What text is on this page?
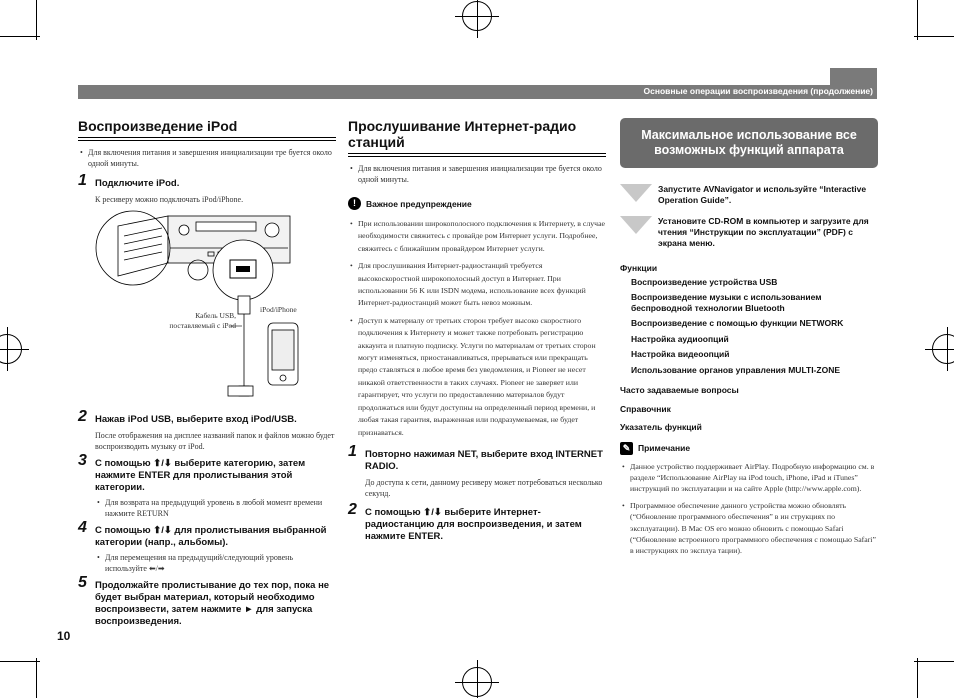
Основные операции воспроизведения (продолжение)
Воспроизведение iPod
• Для включения питания и завершения инициализации тре буется около одной минуты.
1 Подключите iPod.
К ресиверу можно подключать iPod/iPhone.
Кабель USB, поставляемый с iPod
iPod/iPhone
2 Нажав iPod USB, выберите вход iPod/USB.
После отображения на дисплее названий папок и файлов можно будет воспроизводить музыку от iPod.
3 С помощью ⬆/⬇ выберите категорию, затем нажмите ENTER для пролистывания этой категории.
• Для возврата на предыдущий уровень в любой момент времени нажмите RETURN
4 С помощью ⬆/⬇ для пролистывания выбранной категории (напр., альбомы).
• Для перемещения на предыдущий/следующий уровень используйте ⬅/➡
5 Продолжайте пролистывание до тех пор, пока не будет выбран материал, который необходимо воспроизвести, затем нажмите ► для запуска воспроизведения.
10
Прослушивание Интернет-радио станций
• Для включения питания и завершения инициализации тре буется около одной минуты.
!	Важное предупреждение
• При использовании широкополосного подключения к Интернету, в случае необходимости свяжитесь с провайде ром Интернет услуги. Подробнее, свяжитесь с ближайшим провайдером Интернет услуги.
• Для прослушивания Интернет-радиостанций требуется высокоскоростной широкополосный доступ в Интернет. При использовании 56 K или ISDN модема, использование всех функций Интернет-радиостанций может быть невоз можным.
• Доступ к материалу от третьих сторон требует высоко скоростного подключения к Интернету и может также потребовать регистрацию аккаунта и платную подписку. Услуги по материалам от третьих сторон могут изменяться, приостанавливаться, прерываться или прекращать предо ставляться в любое время без уведомления, и Pioneer не несет никакой ответственности в таких случаях. Pioneer не заверяет или гарантирует, что услуги по предоставлению материалов будут продолжаться или будут доступны на определенный период времени, и любая такая гарантия, выраженная или подразумеваемая, не будет признаваться.
1 Повторно нажимая NET, выберите вход INTERNET RADIO.
До доступа к сети, данному ресиверу может потребоваться несколько секунд.
2 С помощью ⬆/⬇ выберите Интернет-радиостанцию для воспроизведения, и затем нажмите ENTER.
Максимальное использование все возможных функций аппарата
Запустите AVNavigator и используйте “Interactive Operation Guide”.
Установите CD-ROM в компьютер и загрузите для чтения “Инструкции по эксплуатации” (PDF) с экрана меню.
Функции
Воспроизведение устройства USB
Воспроизведение музыки с использованием беспроводной технологии Bluetooth
Воспроизведение с помощью функции NETWORK
Настройка аудиоопций
Настройка видеоопций
Использование органов управления MULTI-ZONE
Часто задаваемые вопросы
Справочник
Указатель функций
✎ Примечание
• Данное устройство поддерживает AirPlay. Подробную информацию см. в разделе “Использование AirPlay на iPod touch, iPhone, iPad и iTunes” инструкций по эксплуатации и на сайте Apple (http://www.apple.com).
• Программное обеспечение данного устройства можно обновлять (“Обновление программного обеспечения” в ин струкциях по эксплуатации). В Mac OS его можно обновить с помощью Safari (“Обновление встроенного программного обеспечения с помощью Safari” в инструкциях по эксплуа тации).
